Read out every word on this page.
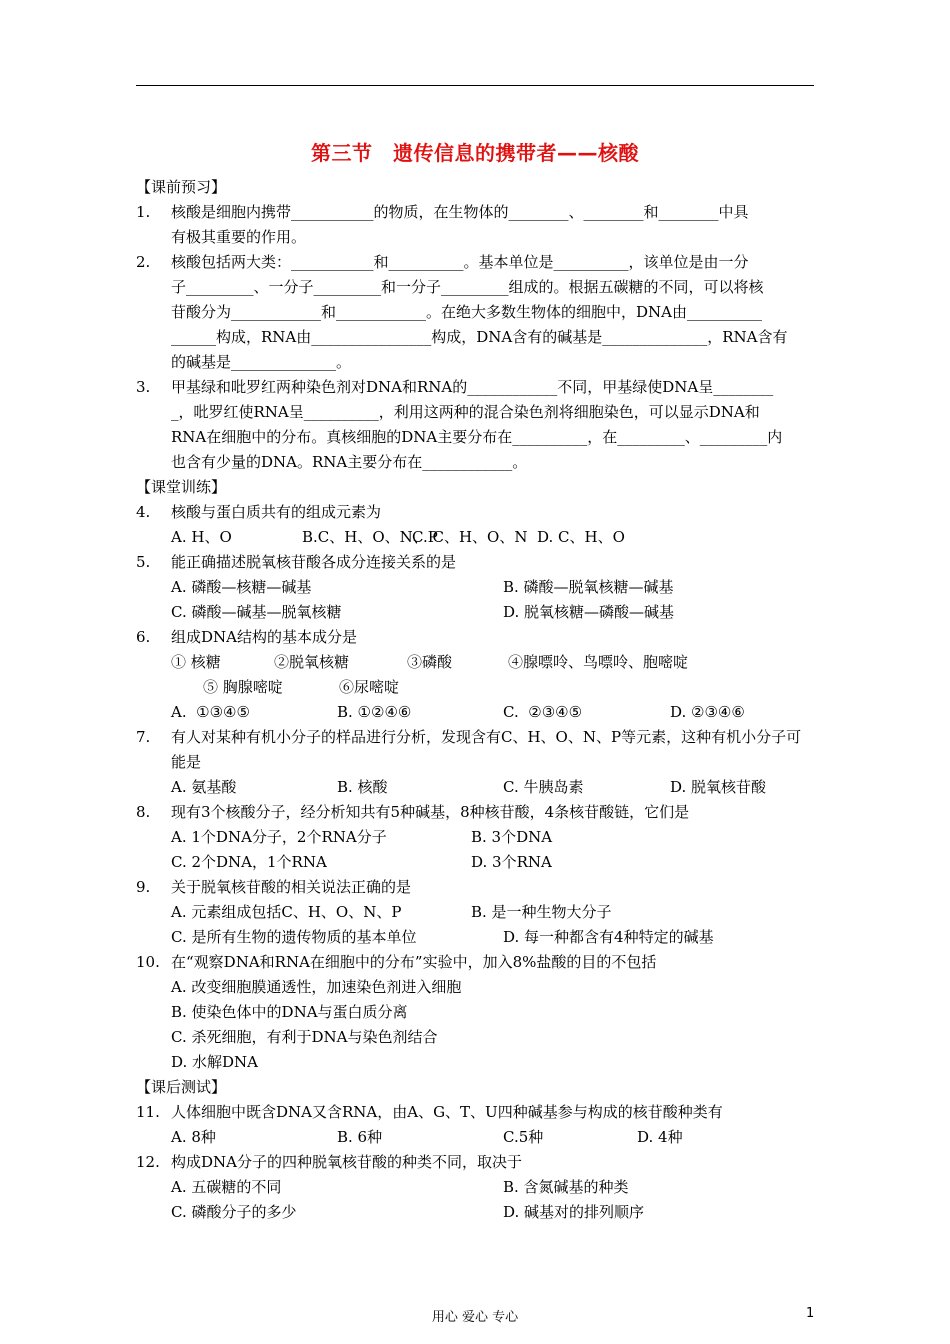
第三节　遗传信息的携带者——核酸
【课前预习】
1. 核酸是细胞内携带___________的物质，在生物体的________、________和________中具
有极其重要的作用。
2. 核酸包括两大类：___________和__________。基本单位是__________，该单位是由一分
子_________、一分子_________和一分子_________组成的。根据五碳糖的不同，可以将核
苷酸分为____________和____________。在绝大多数生物体的细胞中，DNA由__________
______构成，RNA由________________构成，DNA含有的碱基是______________，RNA含有
的碱基是______________。
3. 甲基绿和吡罗红两种染色剂对DNA和RNA的____________不同，甲基绿使DNA呈________
_，吡罗红使RNA呈__________，利用这两种的混合染色剂将细胞染色，可以显示DNA和
RNA在细胞中的分布。真核细胞的DNA主要分布在__________，在_________、_________内
也含有少量的DNA。RNA主要分布在____________。
【课堂训练】
4. 核酸与蛋白质共有的组成元素为
A. H、O	B.C、H、O、N、P
C. C、H、O、N D. C、H、O
5. 能正确描述脱氧核苷酸各成分连接关系的是
A. 磷酸—核糖—碱基	B. 磷酸—脱氧核糖—碱基
C. 磷酸—碱基—脱氧核糖	D. 脱氧核糖—磷酸—碱基
6. 组成DNA结构的基本成分是
① 核糖	②脱氧核糖	③磷酸	④腺嘌呤、鸟嘌呤、胞嘧啶
⑤ 胸腺嘧啶	⑥尿嘧啶
A.  ①③④⑤	B. ①②④⑥	C.  ②③④⑤	D. ②③④⑥
7. 有人对某种有机小分子的样品进行分析，发现含有C、H、O、N、P等元素，这种有机小分子可
能是
A. 氨基酸	B. 核酸	C. 牛胰岛素	D. 脱氧核苷酸
8. 现有3个核酸分子，经分析知共有5种碱基，8种核苷酸，4条核苷酸链，它们是
A. 1个DNA分子，2个RNA分子	B. 3个DNA
C. 2个DNA，1个RNA	D. 3个RNA
9. 关于脱氧核苷酸的相关说法正确的是
A. 元素组成包括C、H、O、N、P	B. 是一种生物大分子
C. 是所有生物的遗传物质的基本单位	D. 每一种都含有4种特定的碱基
10. 在“观察DNA和RNA在细胞中的分布”实验中，加入8%盐酸的目的不包括
A. 改变细胞膜通透性，加速染色剂进入细胞
B. 使染色体中的DNA与蛋白质分离
C. 杀死细胞，有利于DNA与染色剂结合
D. 水解DNA
【课后测试】
11. 人体细胞中既含DNA又含RNA，由A、G、T、U四种碱基参与构成的核苷酸种类有
A. 8种	B. 6种	C.5种	D. 4种
12. 构成DNA分子的四种脱氧核苷酸的种类不同，取决于
A. 五碳糖的不同	B. 含氮碱基的种类
C. 磷酸分子的多少	D. 碱基对的排列顺序
用心 爱心 专心	1
